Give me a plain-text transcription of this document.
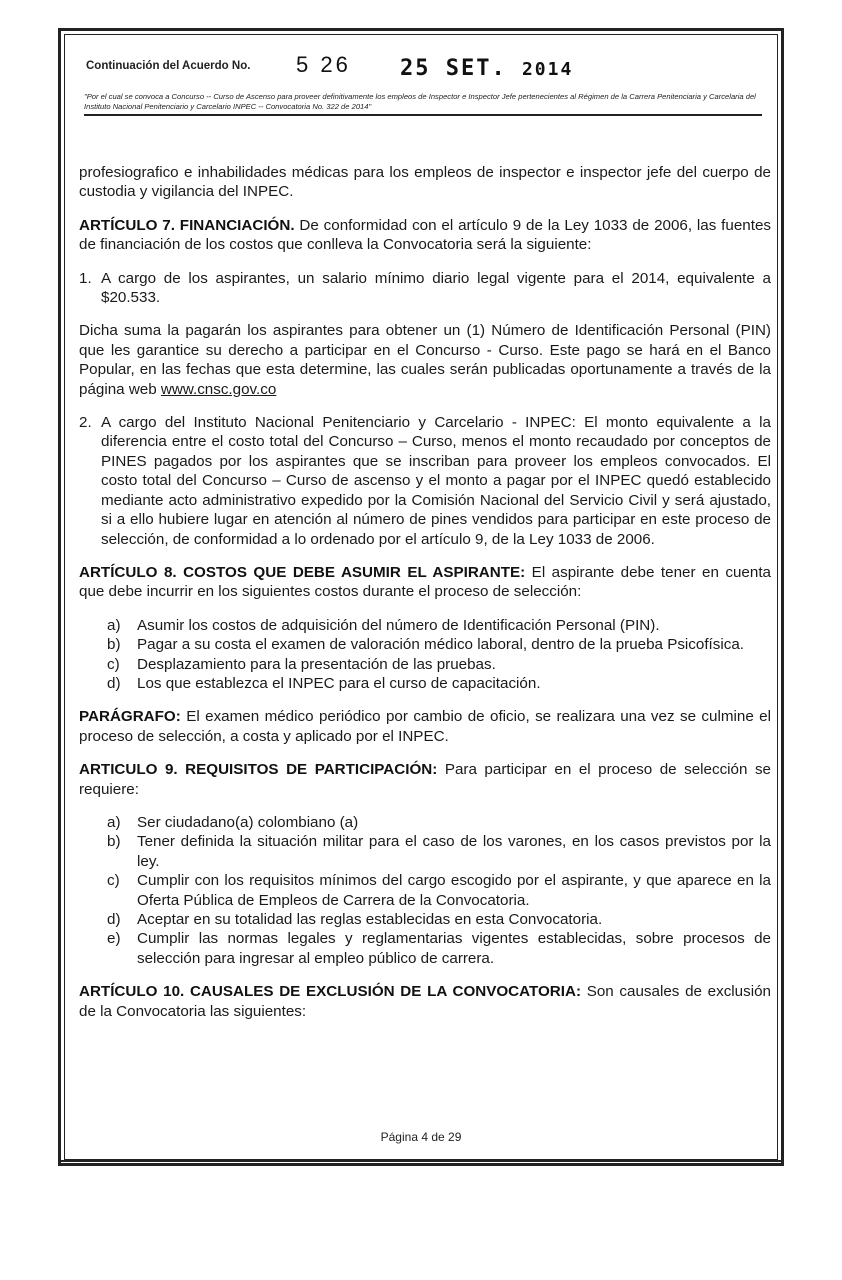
Continuación del Acuerdo No. 5 26 25 SET. 2014
"Por el cual se convoca a Concurso -- Curso de Ascenso para proveer definitivamente los empleos de Inspector e Inspector Jefe pertenecientes al Régimen de la Carrera Penitenciaria y Carcelaria del Instituto Nacional Penitenciario y Carcelario INPEC -- Convocatoria No. 322 de 2014"

profesiografico e inhabilidades médicas para los empleos de inspector e inspector jefe del cuerpo de custodia y vigilancia del INPEC.

ARTÍCULO 7. FINANCIACIÓN. De conformidad con el artículo 9 de la Ley 1033 de 2006, las fuentes de financiación de los costos que conlleva la Convocatoria será la siguiente:

1. A cargo de los aspirantes, un salario mínimo diario legal vigente para el 2014, equivalente a $20.533.

Dicha suma la pagarán los aspirantes para obtener un (1) Número de Identificación Personal (PIN) que les garantice su derecho a participar en el Concurso - Curso. Este pago se hará en el Banco Popular, en las fechas que esta determine, las cuales serán publicadas oportunamente a través de la página web www.cnsc.gov.co

2. A cargo del Instituto Nacional Penitenciario y Carcelario - INPEC: El monto equivalente a la diferencia entre el costo total del Concurso – Curso, menos el monto recaudado por conceptos de PINES pagados por los aspirantes que se inscriban para proveer los empleos convocados. El costo total del Concurso – Curso de ascenso y el monto a pagar por el INPEC quedó establecido mediante acto administrativo expedido por la Comisión Nacional del Servicio Civil y será ajustado, si a ello hubiere lugar en atención al número de pines vendidos para participar en este proceso de selección, de conformidad a lo ordenado por el artículo 9, de la Ley 1033 de 2006.

ARTÍCULO 8. COSTOS QUE DEBE ASUMIR EL ASPIRANTE: El aspirante debe tener en cuenta que debe incurrir en los siguientes costos durante el proceso de selección:

a)	Asumir los costos de adquisición del número de Identificación Personal (PIN).
b)	Pagar a su costa el examen de valoración médico laboral, dentro de la prueba Psicofísica.
c)	Desplazamiento para la presentación de las pruebas.
d)	Los que establezca el INPEC para el curso de capacitación.

PARÁGRAFO: El examen médico periódico por cambio de oficio, se realizara una vez se culmine el proceso de selección, a costa y aplicado por el INPEC.

ARTICULO 9. REQUISITOS DE PARTICIPACIÓN: Para participar en el proceso de selección se requiere:

a)	Ser ciudadano(a) colombiano (a)
b)	Tener definida la situación militar para el caso de los varones, en los casos previstos por la ley.
c)	Cumplir con los requisitos mínimos del cargo escogido por el aspirante, y que aparece en la Oferta Pública de Empleos de Carrera de la Convocatoria.
d)	Aceptar en su totalidad las reglas establecidas en esta Convocatoria.
e)	Cumplir las normas legales y reglamentarias vigentes establecidas, sobre procesos de selección para ingresar al empleo público de carrera.

ARTÍCULO 10. CAUSALES DE EXCLUSIÓN DE LA CONVOCATORIA: Son causales de exclusión de la Convocatoria las siguientes:

Página 4 de 29
